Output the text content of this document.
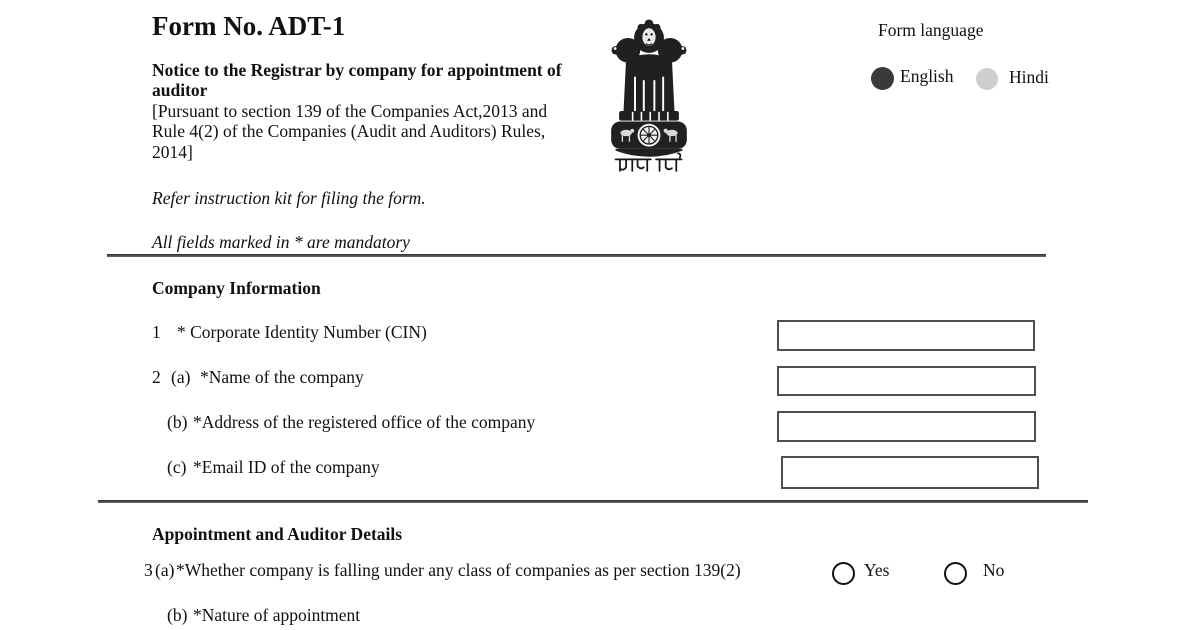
Form No. ADT-1
Notice to the Registrar by company for appointment of
auditor
[Pursuant to section 139 of the Companies Act,2013 and
Rule 4(2) of the Companies (Audit and Auditors) Rules,
2014]
Form language
English	Hindi
Refer instruction kit for filing the form.
All fields marked in * are mandatory
Company Information
1 * Corporate Identity Number (CIN)
2 (a) *Name of the company
(b) *Address of the registered office of the company
(c) *Email ID of the company
Appointment and Auditor Details
3 (a)*Whether company is falling under any class of companies as per section 139(2)	Yes	No
(b) *Nature of appointment
